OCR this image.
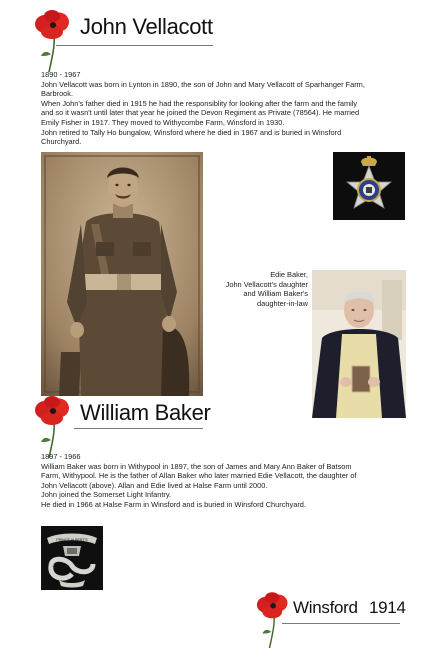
John Vellacott

1890 - 1967

John Vellacott was born in Lynton in 1890, the son of John and Mary Vellacott of Sparhanger Farm,

Barbrook.

When John's father died in 1915 he had the responsiblity for looking after the farm and the family

and so it wasn't until later that year he joined the Devon Regiment as Private (78564). He married

Emily Fisher in 1917. They moved to Withycombe Farm, Winsford in 1930.

John retired to Tally Ho bungalow, Winsford where he died in 1967 and is buried in Winsford

Churchyard.

Edie Baker,
John Vellacott's daughter
and William Baker's
daughter-in-law
William Baker

1897 - 1966

William Baker was born in Withypool in 1897, the son of James and Mary Ann Baker of Batsom

Farm, Withypool. He is the father of Allan Baker who later married Edie Vellacott, the daughter of

John Vellacott (above). Allan and Edie lived at Halse Farm until 2000.

John joined the Somerset Light Infantry.

He died in 1966 at Halse Farm in Winsford and is buried in Winsford Churchyard.

PRINCE ALBERT'S
Winsford 1914
